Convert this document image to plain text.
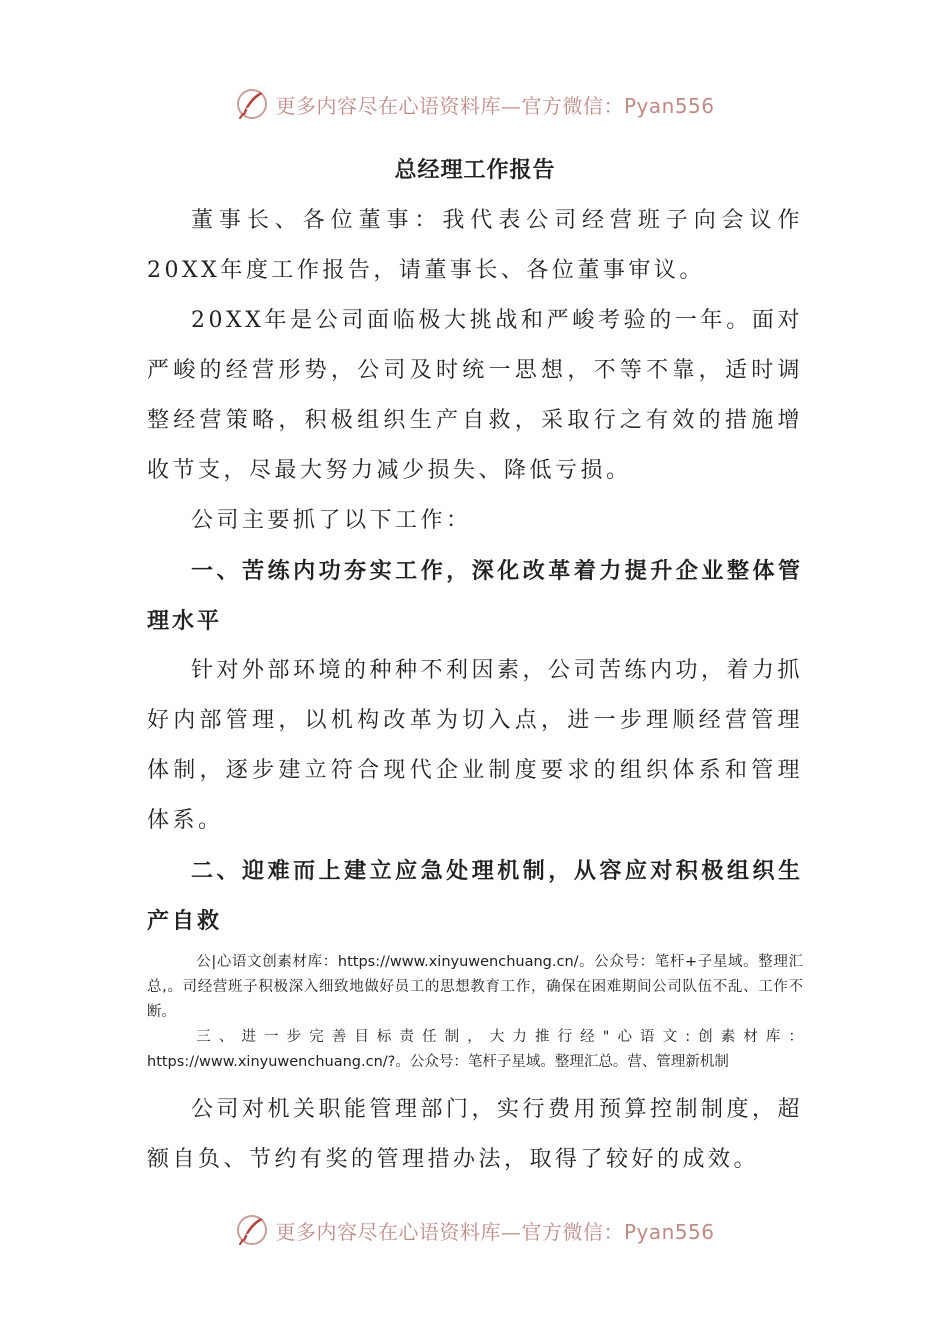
更多内容尽在心语资料库—官方微信：Pyan556
总经理工作报告

董事长、各位董事：我代表公司经营班子向会议作20XX年度工作报告，请董事长、各位董事审议。

20XX年是公司面临极大挑战和严峻考验的一年。面对严峻的经营形势，公司及时统一思想，不等不靠，适时调整经营策略，积极组织生产自救，采取行之有效的措施增收节支，尽最大努力减少损失、降低亏损。

公司主要抓了以下工作：

一、苦练内功夯实工作，深化改革着力提升企业整体管理水平

针对外部环境的种种不利因素，公司苦练内功，着力抓好内部管理，以机构改革为切入点，进一步理顺经营管理体制，逐步建立符合现代企业制度要求的组织体系和管理体系。

二、迎难而上建立应急处理机制，从容应对积极组织生产自救

公|心语文创素材库：https://www.xinyuwenchuang.cn/。公众号：笔杆+子星域。整理汇总,。司经营班子积极深入细致地做好员工的思想教育工作，确保在困难期间公司队伍不乱、工作不断。

三、进一步完善目标责任制，大力推行经"心语文:创素材库：https://www.xinyuwenchuang.cn/?。公众号：笔杆子星域。整理汇总。营、管理新机制

公司对机关职能管理部门，实行费用预算控制制度，超额自负、节约有奖的管理措办法，取得了较好的成效。

更多内容尽在心语资料库—官方微信：Pyan556
